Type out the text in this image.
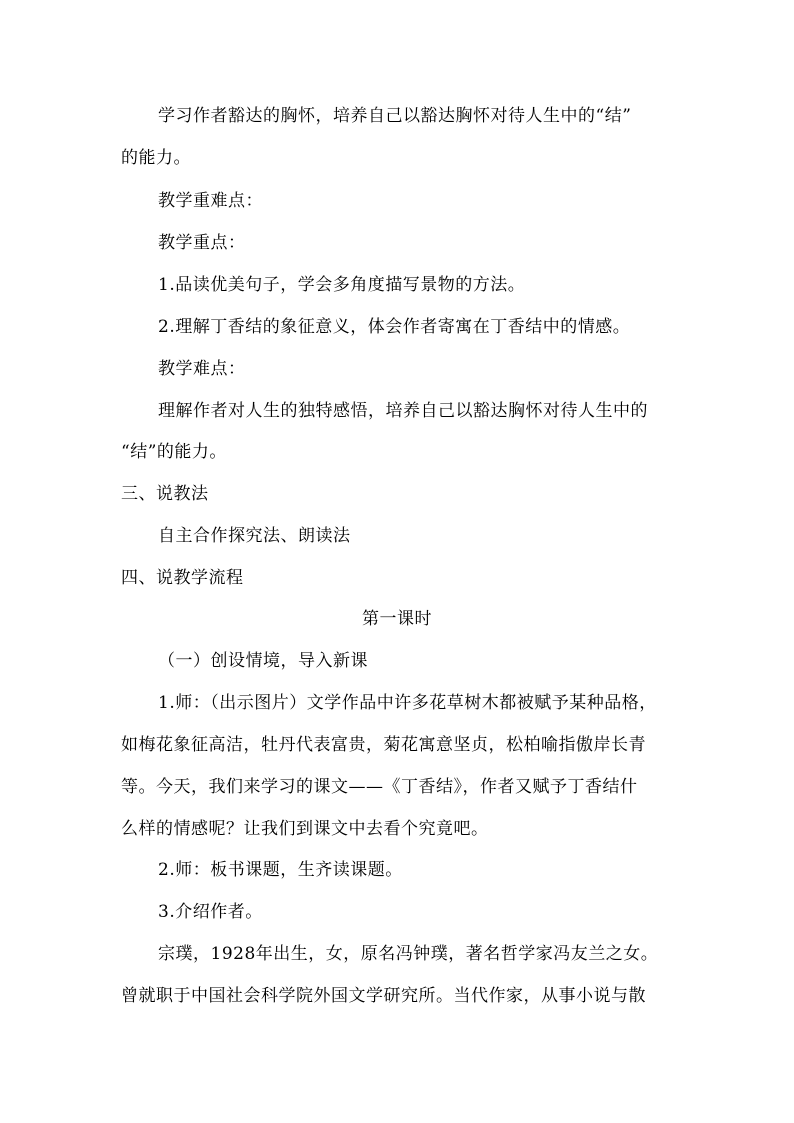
学习作者豁达的胸怀，培养自己以豁达胸怀对待人生中的“结”
的能力。
教学重难点：
教学重点：
1.品读优美句子，学会多角度描写景物的方法。
2.理解丁香结的象征意义，体会作者寄寓在丁香结中的情感。
教学难点：
理解作者对人生的独特感悟，培养自己以豁达胸怀对待人生中的
“结”的能力。
三、说教法
自主合作探究法、朗读法
四、说教学流程
第一课时
（一）创设情境，导入新课
1.师：（出示图片）文学作品中许多花草树木都被赋予某种品格，
如梅花象征高洁，牡丹代表富贵，菊花寓意坚贞，松柏喻指傲岸长青
等。今天，我们来学习的课文——《丁香结》，作者又赋予丁香结什
么样的情感呢？让我们到课文中去看个究竟吧。
2.师：板书课题，生齐读课题。
3.介绍作者。
宗璞，1928年出生，女，原名冯钟璞，著名哲学家冯友兰之女。
曾就职于中国社会科学院外国文学研究所。当代作家，从事小说与散
